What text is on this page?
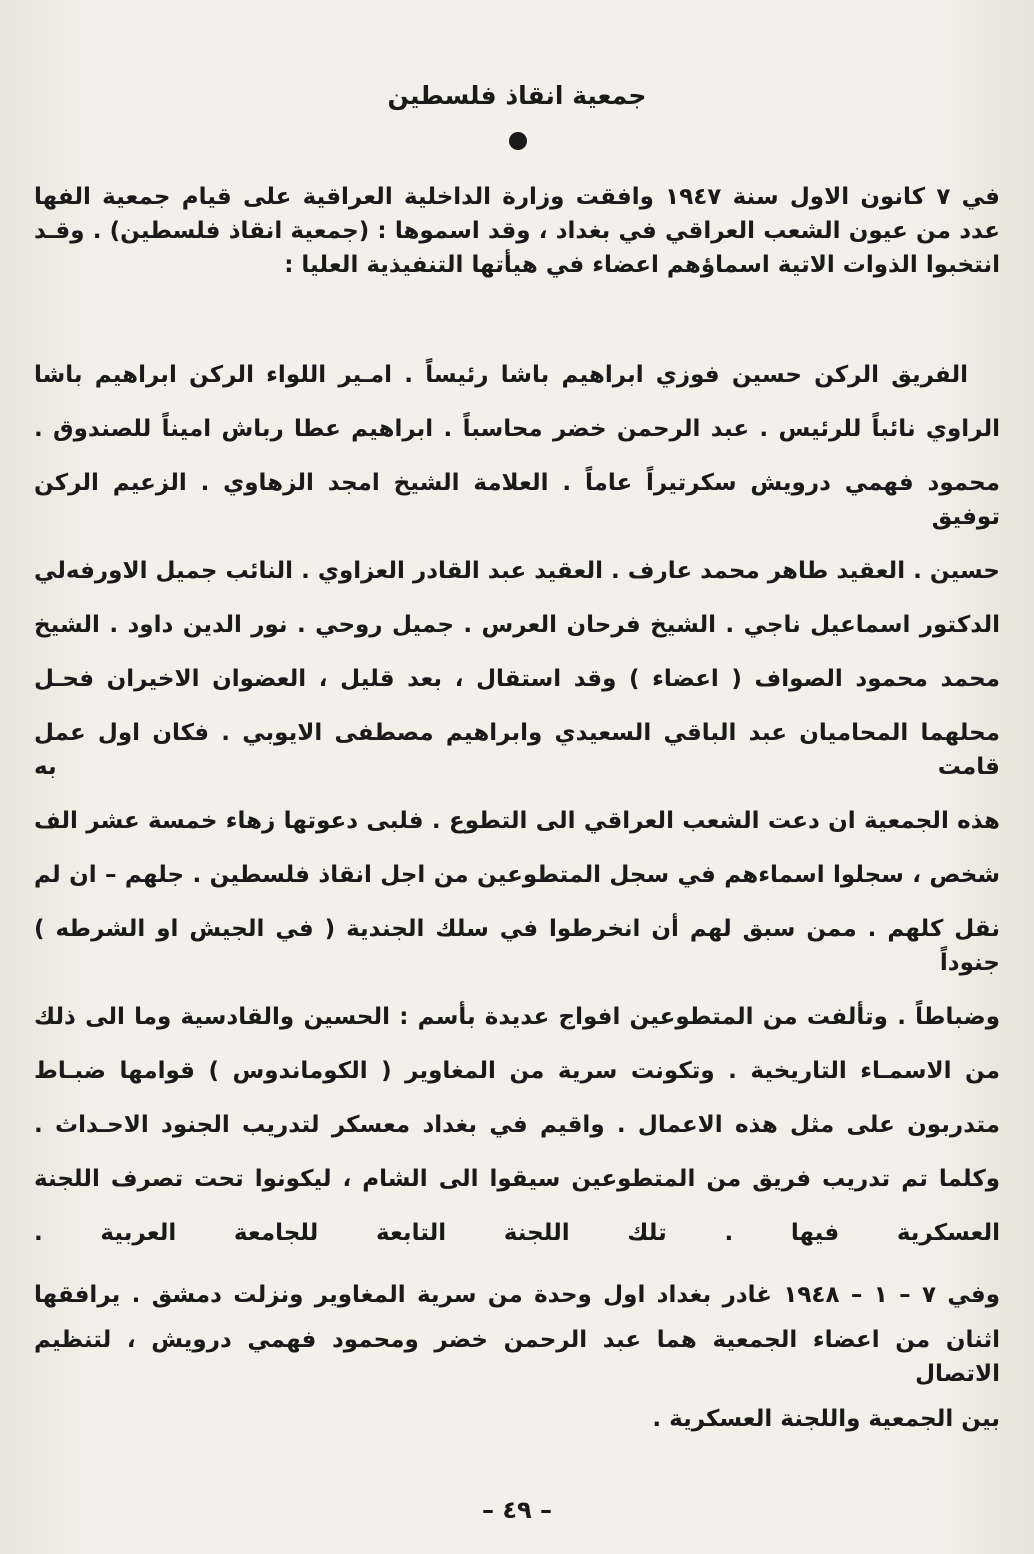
جمعية انقاذ فلسطين
في ٧ كانون الاول سنة ١٩٤٧ وافقت وزارة الداخلية العراقية على قيام جمعية الفها
عدد من عيون الشعب العراقي في بغداد ، وقد اسموها : (جمعية انقاذ فلسطين) . وقـد
انتخبوا الذوات الاتية اسماؤهم اعضاء في هيأتها التنفيذية العليا :
الفريق الركن حسين فوزي ابراهيم باشا رئيساً . امـير اللواء الركن ابراهيم باشا
الراوي نائباً للرئيس . عبد الرحمن خضر محاسباً . ابراهيم عطا رباش اميناً للصندوق .
محمود فهمي درويش سكرتيراً عاماً . العلامة الشيخ امجد الزهاوي . الزعيم الركن توفيق
حسين . العقيد طاهر محمد عارف . العقيد عبد القادر العزاوي . النائب جميل الاورفه‌لي
الدكتور اسماعيل ناجي . الشيخ فرحان العرس . جميل روحي . نور الدين داود . الشيخ
محمد محمود الصواف ( اعضاء ) وقد استقال ، بعد قليل ، العضوان الاخيران فحـل
محلهما المحاميان عبد الباقي السعيدي وابراهيم مصطفى الايوبي . فكان اول عمل قامت به
هذه الجمعية ان دعت الشعب العراقي الى التطوع . فلبى دعوتها زهاء خمسة عشر الف
شخص ، سجلوا اسماءهم في سجل المتطوعين من اجل انقاذ فلسطين . جلهم – ان لم
نقل كلهم . ممن سبق لهم أن انخرطوا في سلك الجندية ( في الجيش او الشرطه ) جنوداً
وضباطاً . وتألفت من المتطوعين افواج عديدة بأسم : الحسين والقادسية وما الى ذلك
من الاسمـاء التاريخية . وتكونت سرية من المغاوير ( الكوماندوس ) قوامها ضبـاط
متدربون على مثل هذه الاعمال . واقيم في بغداد معسكر لتدريب الجنود الاحـداث .
وكلما تم تدريب فريق من المتطوعين سيقوا الى الشام ، ليكونوا تحت تصرف اللجنة
العسكرية فيها . تلك اللجنة التابعة للجامعة العربية .
وفي ٧ – ١ – ١٩٤٨ غادر بغداد اول وحدة من سرية المغاوير ونزلت دمشق . يرافقها
اثنان من اعضاء الجمعية هما عبد الرحمن خضر ومحمود فهمي درويش ، لتنظيم الاتصال
بين الجمعية واللجنة العسكرية .
– ٤٩ –
